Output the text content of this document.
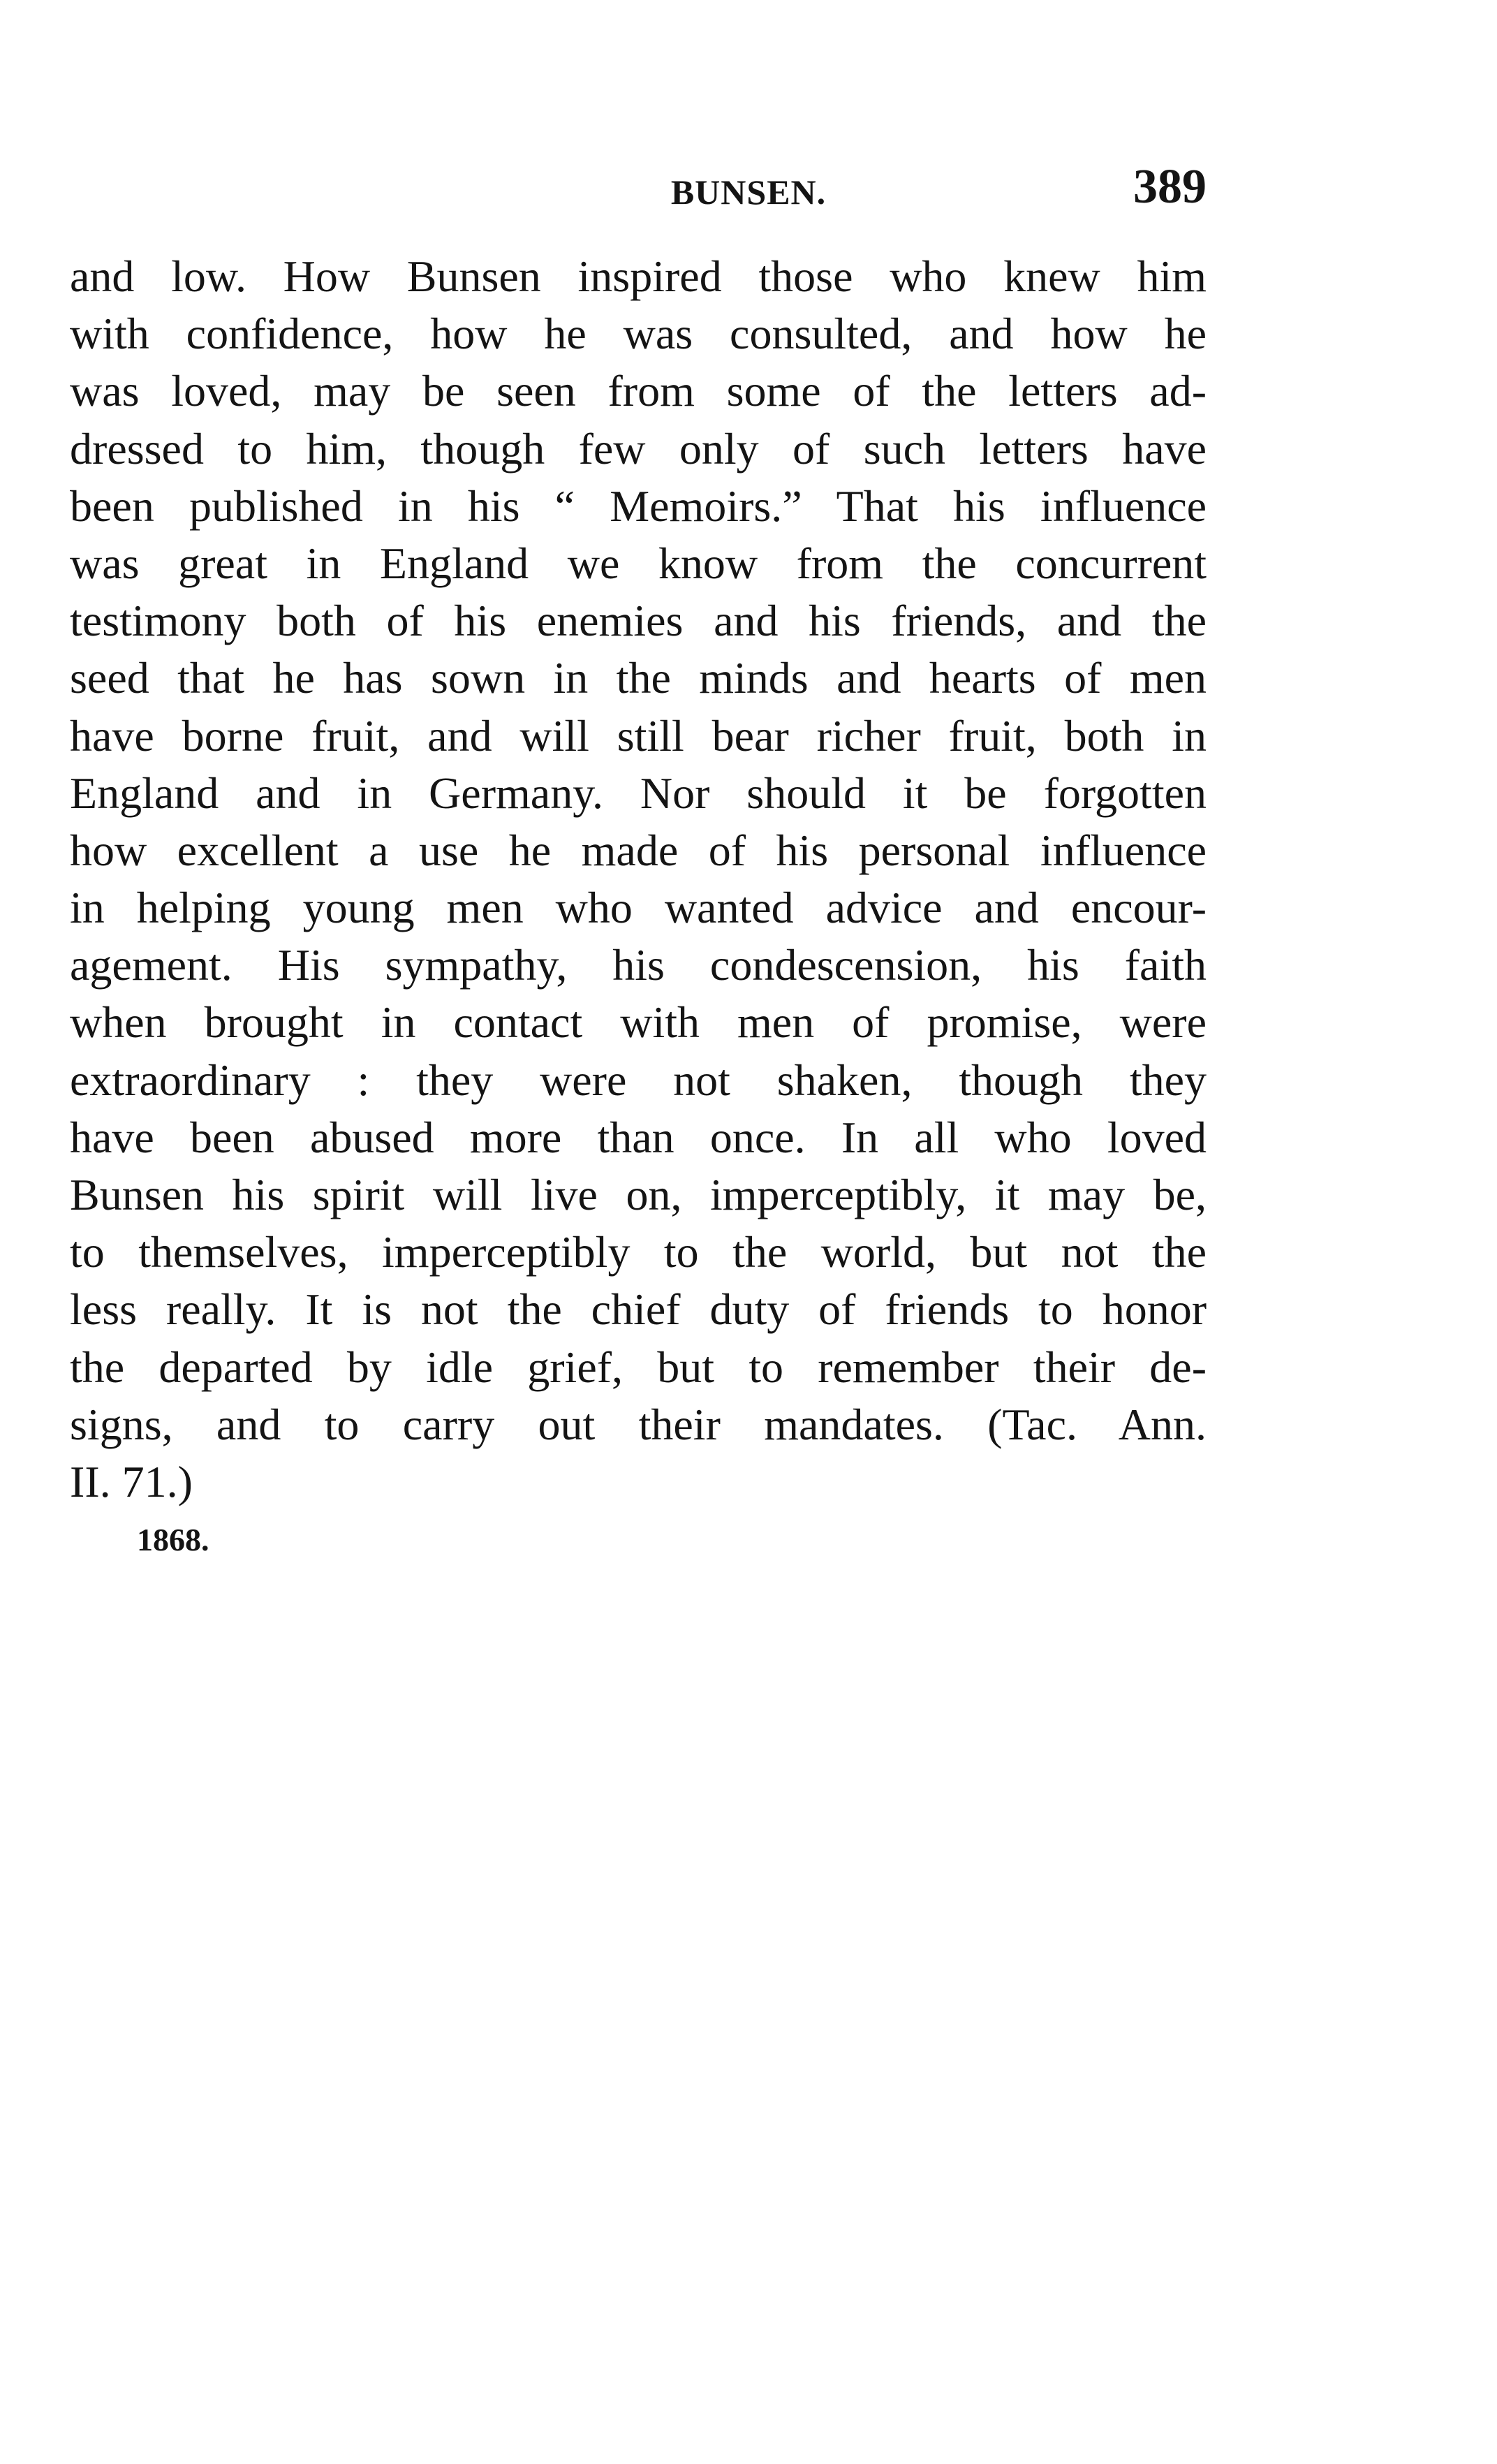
BUNSEN.	389
and low. How Bunsen inspired those who knew him
with confidence, how he was consulted, and how he
was loved, may be seen from some of the letters ad-
dressed to him, though few only of such letters have
been published in his “ Memoirs.” That his influence
was great in England we know from the concurrent
testimony both of his enemies and his friends, and the
seed that he has sown in the minds and hearts of men
have borne fruit, and will still bear richer fruit, both in
England and in Germany. Nor should it be forgotten
how excellent a use he made of his personal influence
in helping young men who wanted advice and encour-
agement. His sympathy, his condescension, his faith
when brought in contact with men of promise, were
extraordinary : they were not shaken, though they
have been abused more than once. In all who loved
Bunsen his spirit will live on, imperceptibly, it may be,
to themselves, imperceptibly to the world, but not the
less really. It is not the chief duty of friends to honor
the departed by idle grief, but to remember their de-
signs, and to carry out their mandates. (Tac. Ann.
II. 71.)
1868.
